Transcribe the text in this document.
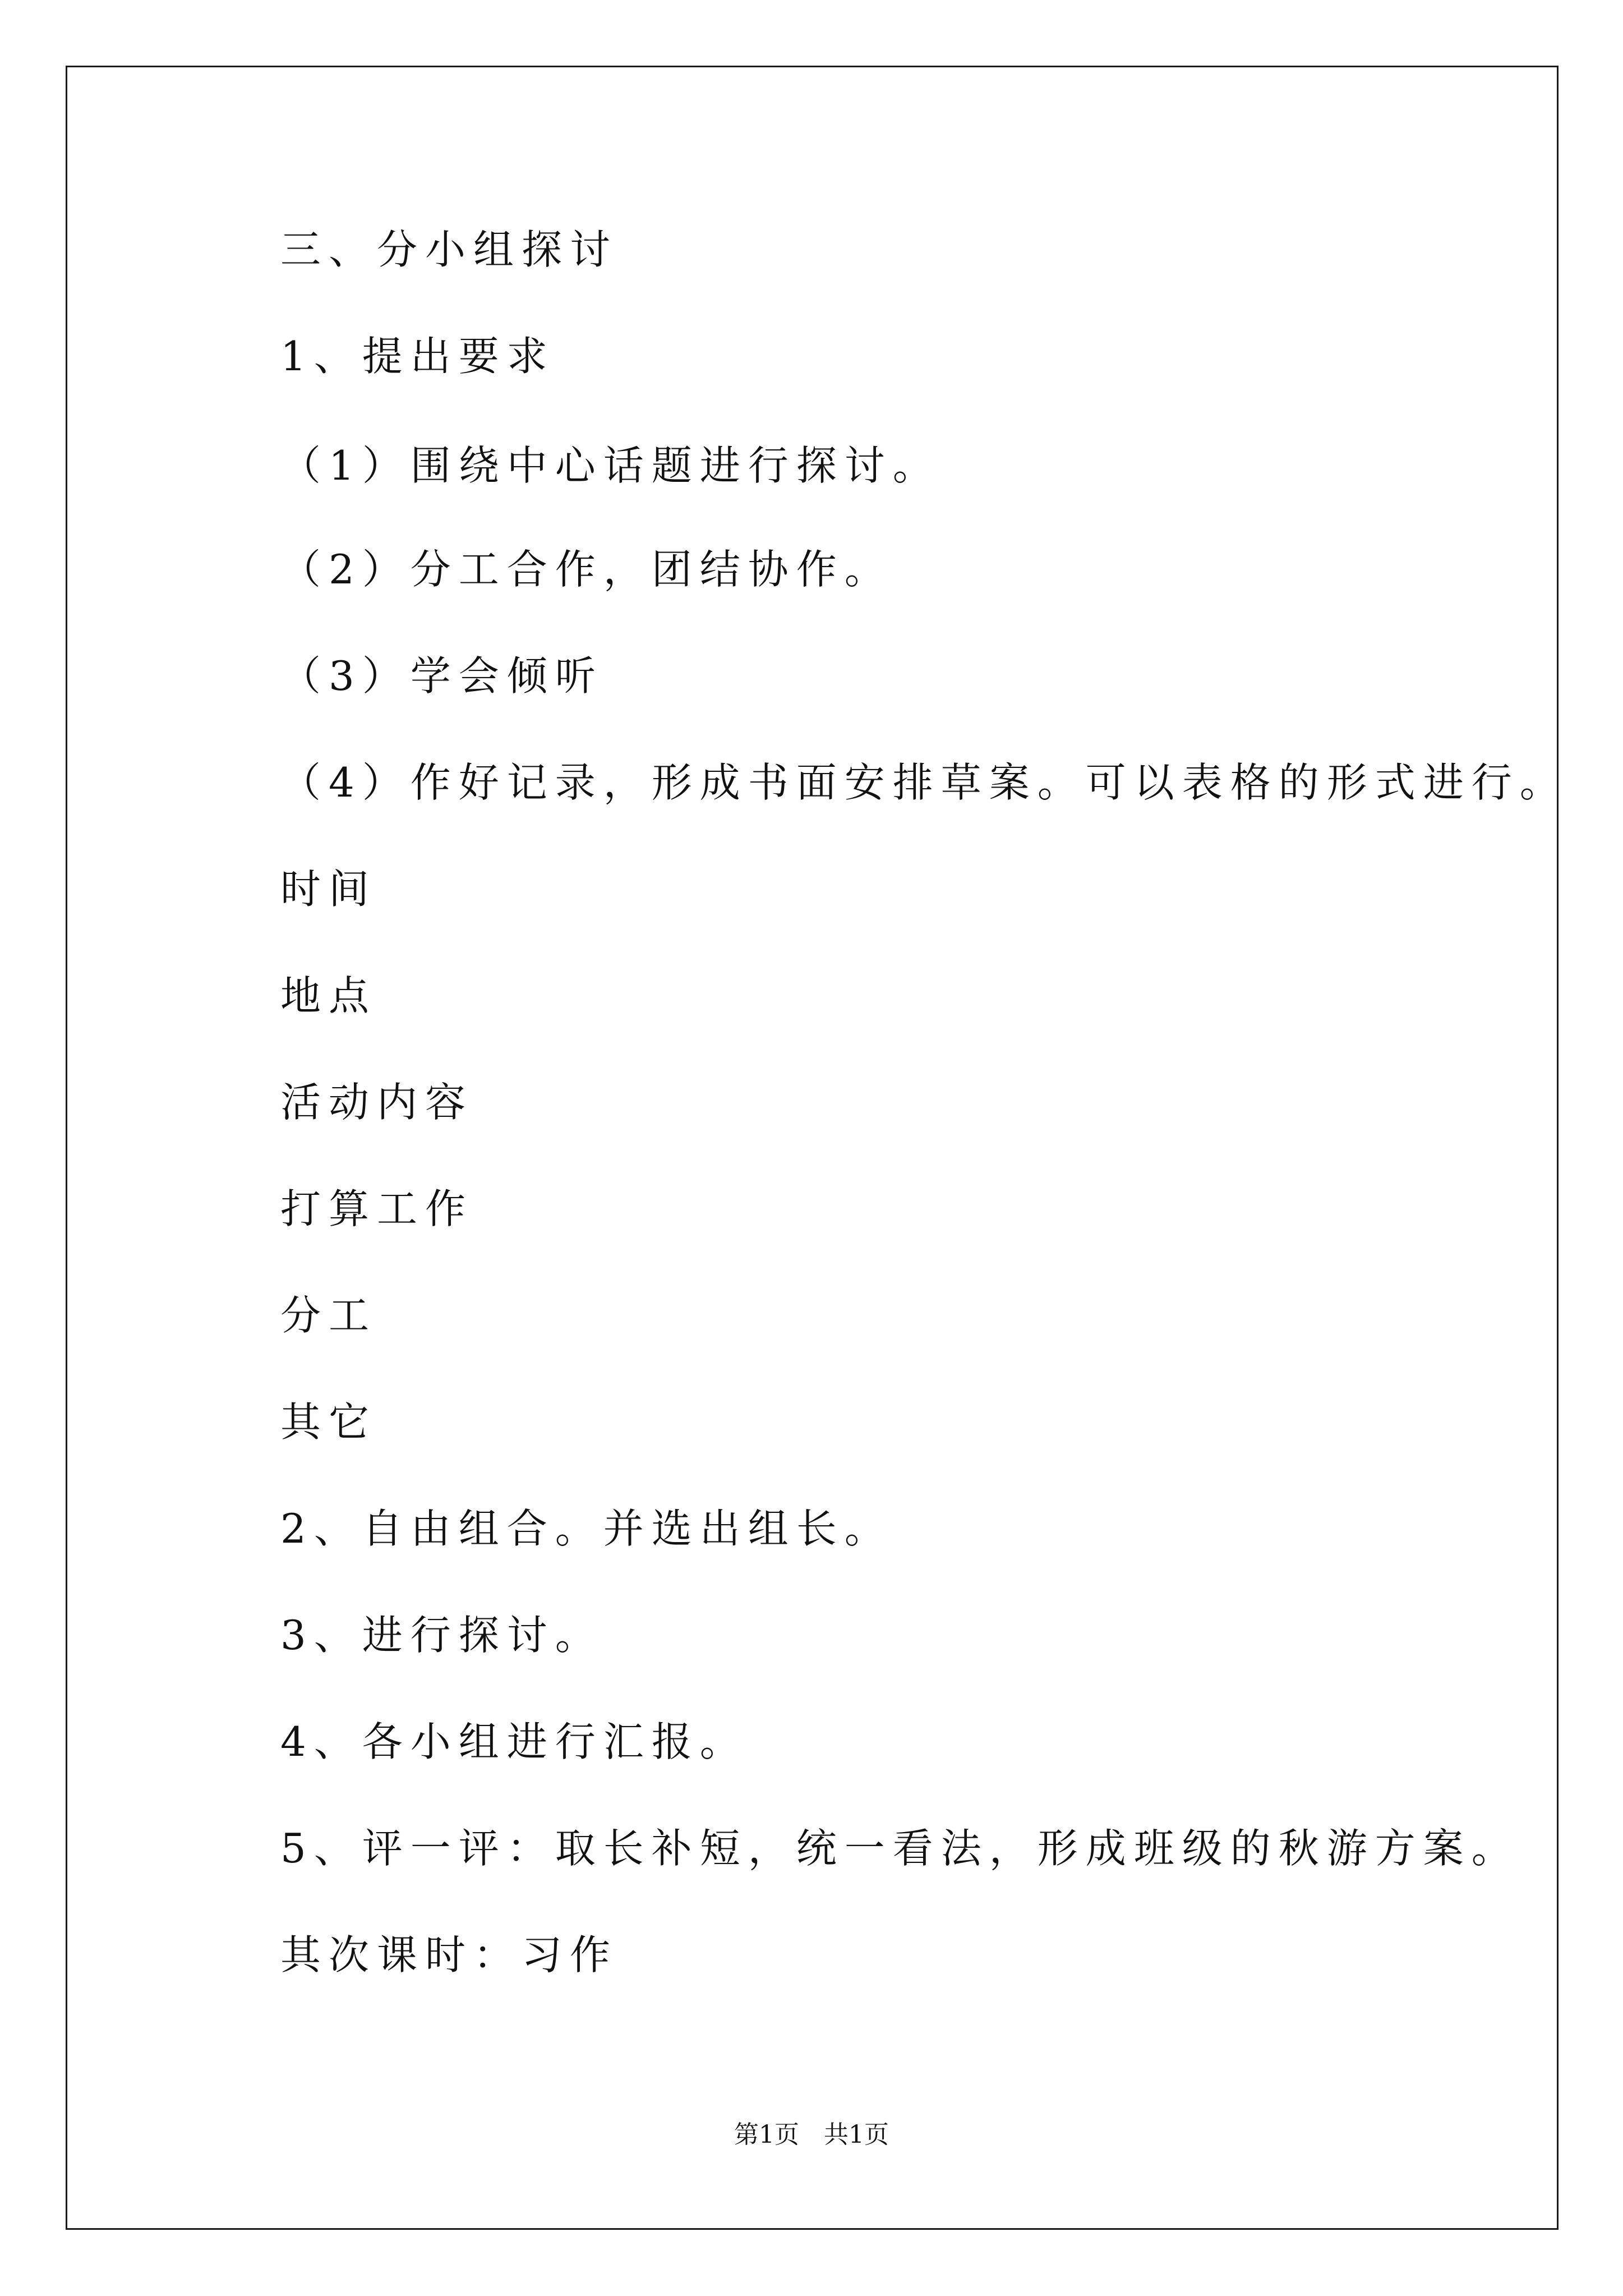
三、分小组探讨
1、提出要求
（1）围绕中心话题进行探讨。
（2）分工合作，团结协作。
（3）学会倾听
（4）作好记录，形成书面安排草案。可以表格的形式进行。
时间
地点
活动内容
打算工作
分工
其它
2、自由组合。并选出组长。
3、进行探讨。
4、各小组进行汇报。
5、评一评：取长补短，统一看法，形成班级的秋游方案。
其次课时：习作
第1页　共1页
